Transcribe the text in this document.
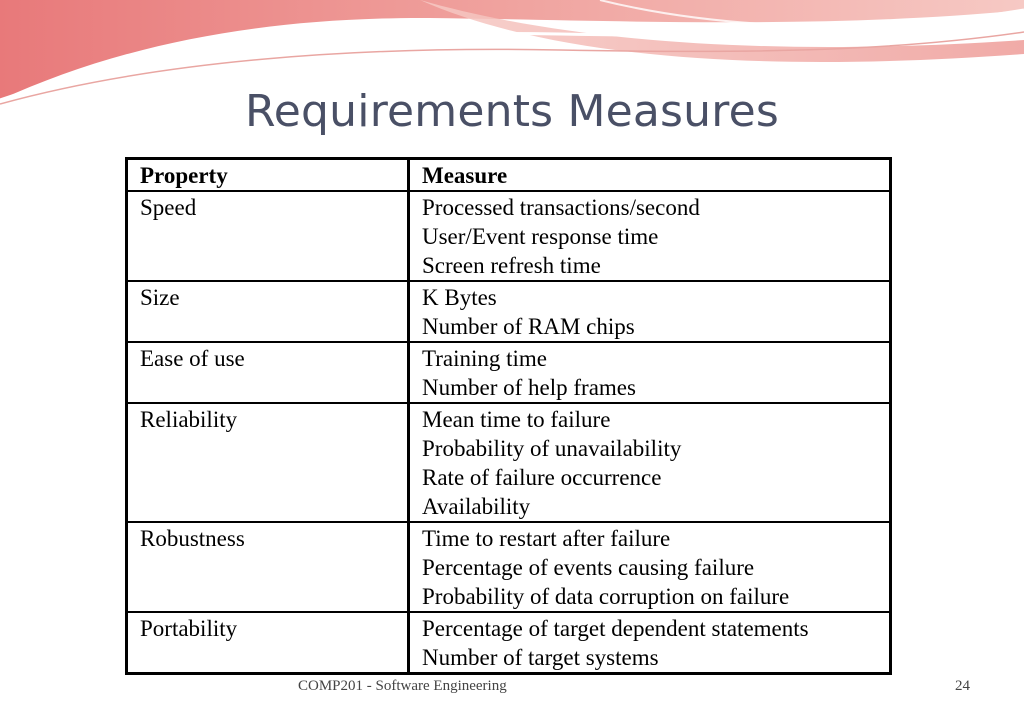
Requirements Measures
Property	Measure
Speed	Processed transactions/second
User/Event response time
Screen refresh time

Size	K Bytes
Number of RAM chips

Ease of use	Training time
Number of help frames

Reliability	Mean time to failure
Probability of unavailability
Rate of failure occurrence
Availability

Robustness	Time to restart after failure
Percentage of events causing failure
Probability of data corruption on failure

Portability	Percentage of target dependent statements
Number of target systems
COMP201 - Software Engineering	24
